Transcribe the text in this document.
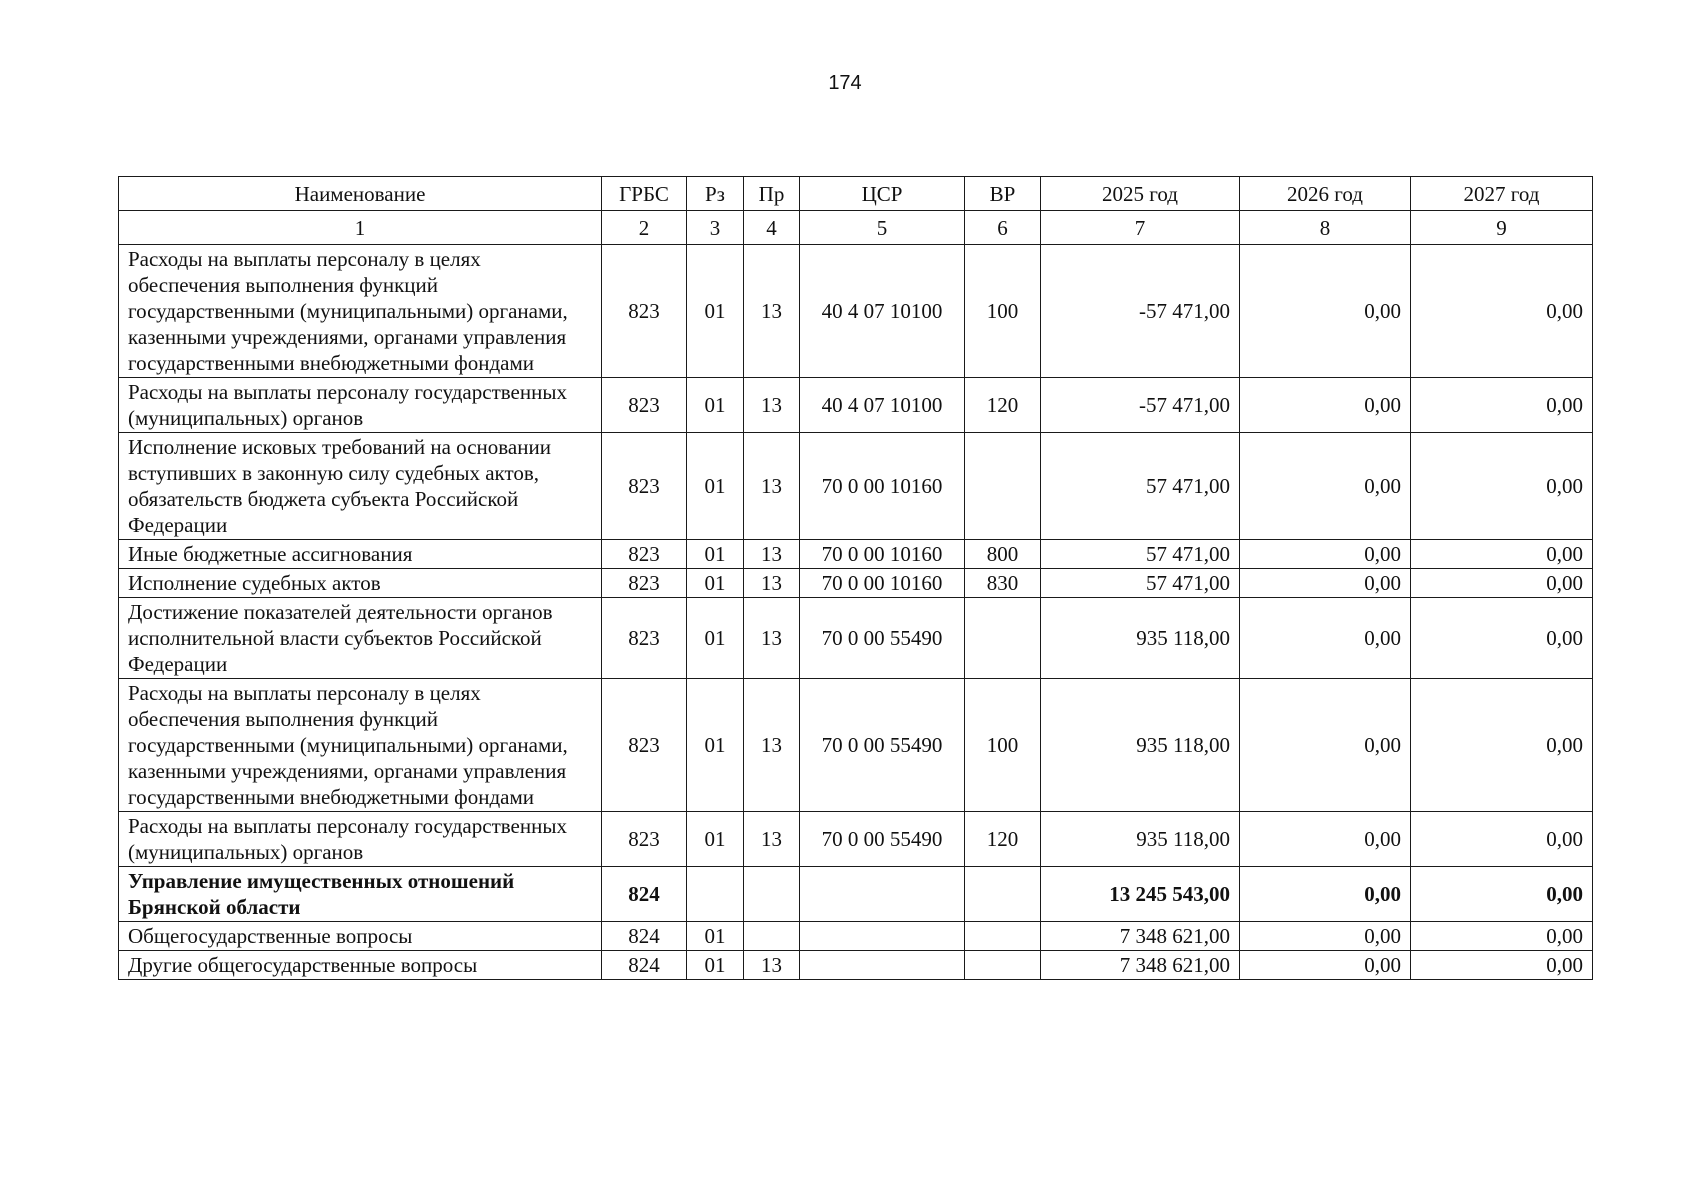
174
Наименование	ГРБС	Рз	Пр	ЦСР	ВР	2025 год	2026 год	2027 год
1	2	3	4	5	6	7	8	9
Расходы на выплаты персоналу в целях обеспечения выполнения функций государственными (муниципальными) органами, казенными учреждениями, органами управления государственными внебюджетными фондами	823	01	13	40 4 07 10100	100	-57 471,00	0,00	0,00
Расходы на выплаты персоналу государственных (муниципальных) органов	823	01	13	40 4 07 10100	120	-57 471,00	0,00	0,00
Исполнение исковых требований на основании вступивших в законную силу судебных актов, обязательств бюджета субъекта Российской Федерации	823	01	13	70 0 00 10160		57 471,00	0,00	0,00
Иные бюджетные ассигнования	823	01	13	70 0 00 10160	800	57 471,00	0,00	0,00
Исполнение судебных актов	823	01	13	70 0 00 10160	830	57 471,00	0,00	0,00
Достижение показателей деятельности органов исполнительной власти субъектов Российской Федерации	823	01	13	70 0 00 55490		935 118,00	0,00	0,00
Расходы на выплаты персоналу в целях обеспечения выполнения функций государственными (муниципальными) органами, казенными учреждениями, органами управления государственными внебюджетными фондами	823	01	13	70 0 00 55490	100	935 118,00	0,00	0,00
Расходы на выплаты персоналу государственных (муниципальных) органов	823	01	13	70 0 00 55490	120	935 118,00	0,00	0,00
Управление имущественных отношений Брянской области	824					13 245 543,00	0,00	0,00
Общегосударственные вопросы	824	01				7 348 621,00	0,00	0,00
Другие общегосударственные вопросы	824	01	13			7 348 621,00	0,00	0,00
